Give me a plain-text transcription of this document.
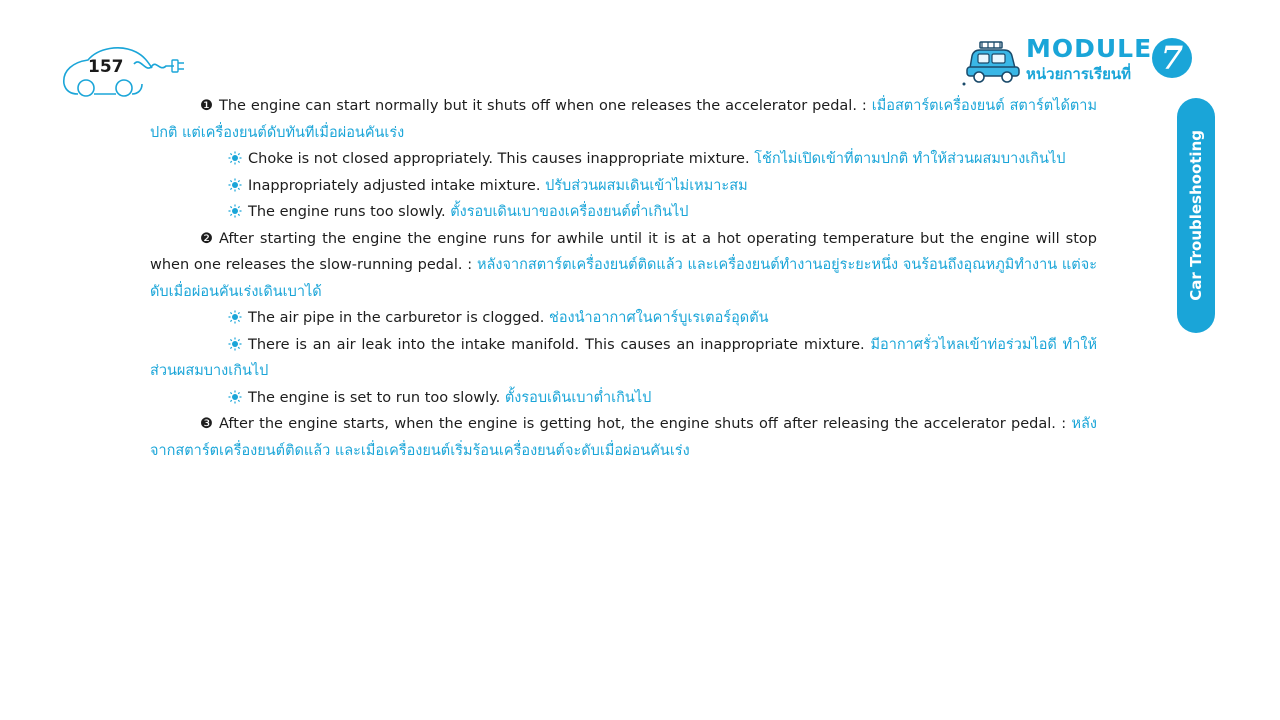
157
MODULE
หน่วยการเรียนที่ 7
Car Troubleshooting

❶ The engine can start normally but it shuts off when one releases the accelerator pedal. : เมื่อสตาร์ตเครื่องยนต์ สตาร์ตได้ตามปกติ แต่เครื่องยนต์ดับทันทีเมื่อผ่อนคันเร่ง

Choke is not closed appropriately. This causes inappropriate mixture. โช้กไม่เปิดเข้าที่ตามปกติ ทำให้ส่วนผสมบางเกินไป

Inappropriately adjusted intake mixture. ปรับส่วนผสมเดินเข้าไม่เหมาะสม

The engine runs too slowly. ตั้งรอบเดินเบาของเครื่องยนต์ต่ำเกินไป

❷ After starting the engine the engine runs for awhile until it is at a hot operating temperature but the engine will stop when one releases the slow-running pedal. : หลังจากสตาร์ตเครื่องยนต์ติดแล้ว และเครื่องยนต์ทำงานอยู่ระยะหนึ่ง จนร้อนถึงอุณหภูมิทำงาน แต่จะดับเมื่อผ่อนคันเร่งเดินเบาได้

The air pipe in the carburetor is clogged. ช่องนำอากาศในคาร์บูเรเตอร์อุดตัน

There is an air leak into the intake manifold. This causes an inappropriate mixture. มีอากาศรั่วไหลเข้าท่อร่วมไอดี ทำให้ส่วนผสมบางเกินไป

The engine is set to run too slowly. ตั้งรอบเดินเบาต่ำเกินไป

❸ After the engine starts, when the engine is getting hot, the engine shuts off after releasing the accelerator pedal. : หลังจากสตาร์ตเครื่องยนต์ติดแล้ว และเมื่อเครื่องยนต์เริ่มร้อนเครื่องยนต์จะดับเมื่อผ่อนคันเร่ง
